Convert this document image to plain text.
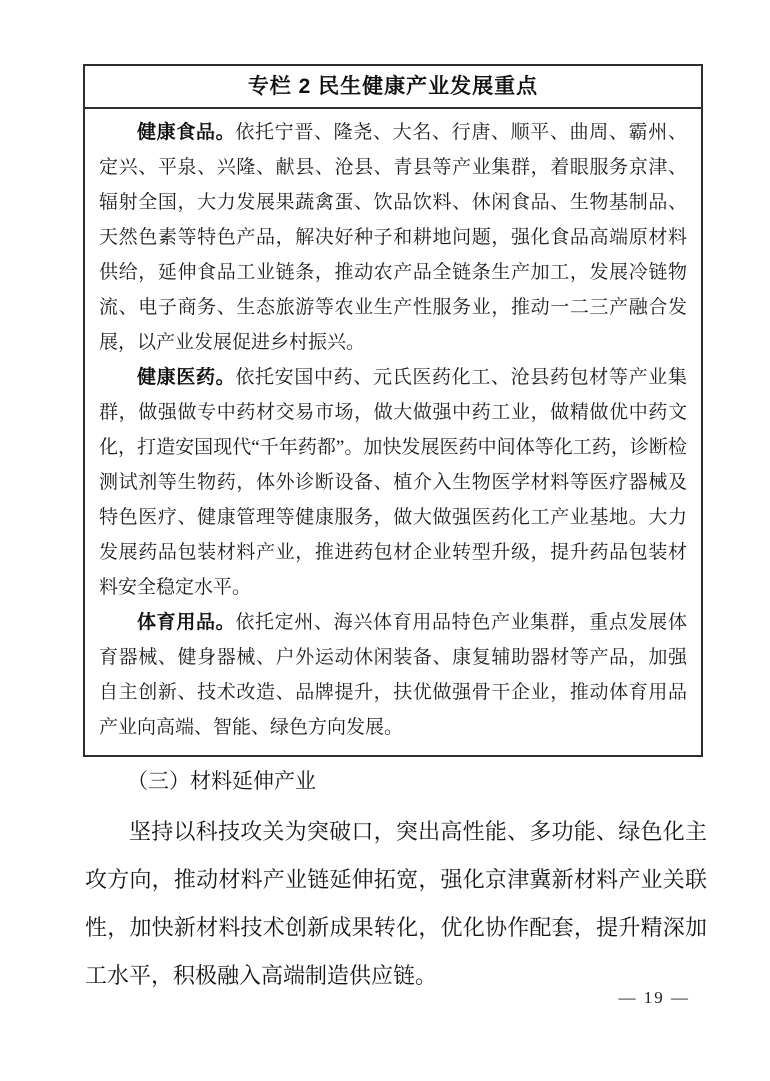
专栏 2 民生健康产业发展重点

健康食品。依托宁晋、隆尧、大名、行唐、顺平、曲周、霸州、定兴、平泉、兴隆、献县、沧县、青县等产业集群，着眼服务京津、辐射全国，大力发展果蔬禽蛋、饮品饮料、休闲食品、生物基制品、天然色素等特色产品，解决好种子和耕地问题，强化食品高端原材料供给，延伸食品工业链条，推动农产品全链条生产加工，发展冷链物流、电子商务、生态旅游等农业生产性服务业，推动一二三产融合发展，以产业发展促进乡村振兴。

健康医药。依托安国中药、元氏医药化工、沧县药包材等产业集群，做强做专中药材交易市场，做大做强中药工业，做精做优中药文化，打造安国现代“千年药都”。加快发展医药中间体等化工药，诊断检测试剂等生物药，体外诊断设备、植介入生物医学材料等医疗器械及特色医疗、健康管理等健康服务，做大做强医药化工产业基地。大力发展药品包装材料产业，推进药包材企业转型升级，提升药品包装材料安全稳定水平。

体育用品。依托定州、海兴体育用品特色产业集群，重点发展体育器械、健身器械、户外运动休闲装备、康复辅助器材等产品，加强自主创新、技术改造、品牌提升，扶优做强骨干企业，推动体育用品产业向高端、智能、绿色方向发展。

（三）材料延伸产业

坚持以科技攻关为突破口，突出高性能、多功能、绿色化主攻方向，推动材料产业链延伸拓宽，强化京津冀新材料产业关联性，加快新材料技术创新成果转化，优化协作配套，提升精深加工水平，积极融入高端制造供应链。

— 19 —
